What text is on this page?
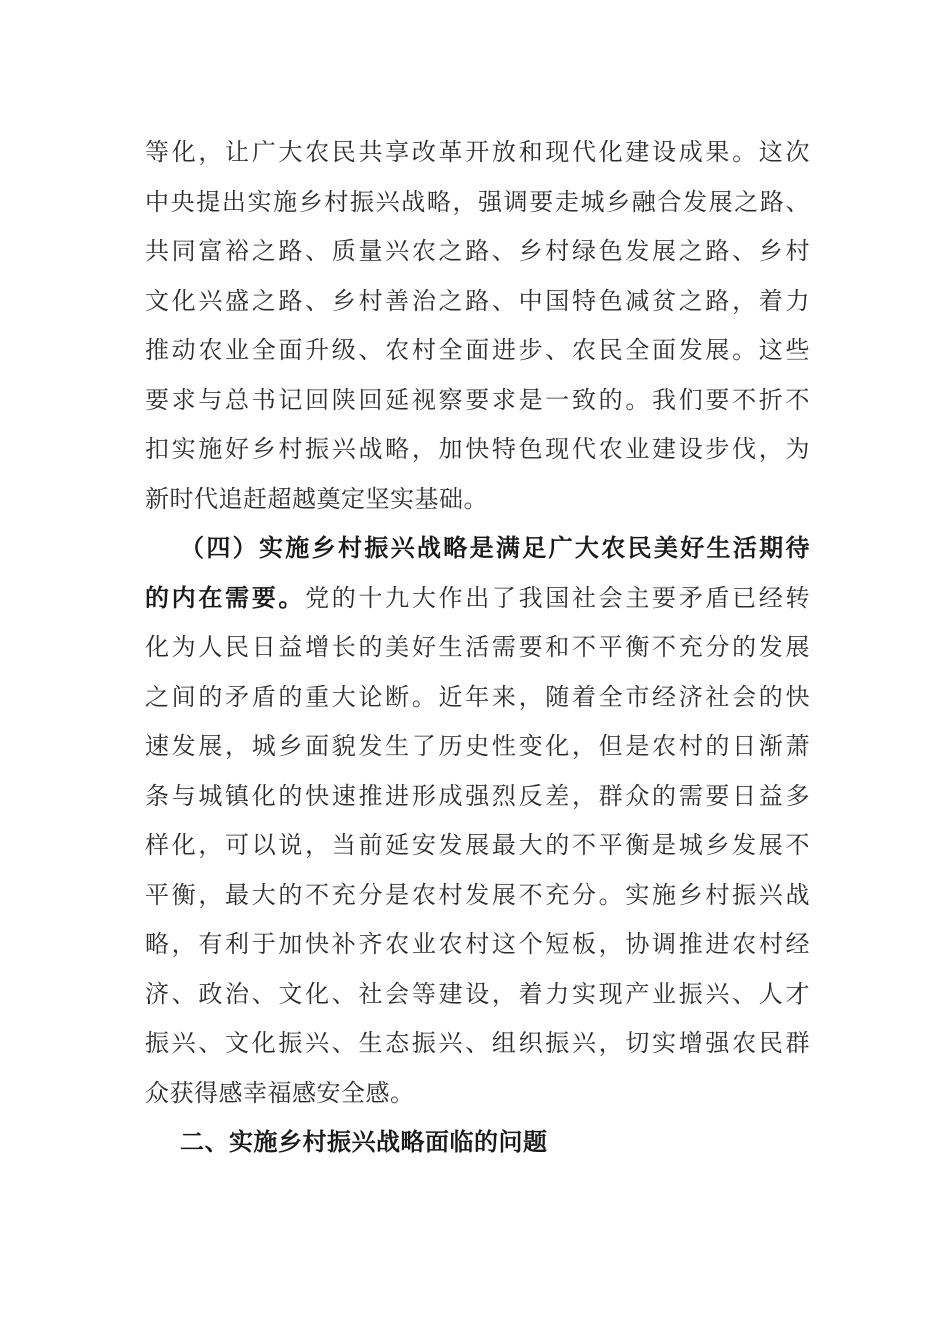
等化，让广大农民共享改革开放和现代化建设成果。这次
中央提出实施乡村振兴战略，强调要走城乡融合发展之路、
共同富裕之路、质量兴农之路、乡村绿色发展之路、乡村
文化兴盛之路、乡村善治之路、中国特色减贫之路，着力
推动农业全面升级、农村全面进步、农民全面发展。这些
要求与总书记回陕回延视察要求是一致的。我们要不折不
扣实施好乡村振兴战略，加快特色现代农业建设步伐，为
新时代追赶超越奠定坚实基础。
（四）实施乡村振兴战略是满足广大农民美好生活期待
的内在需要。党的十九大作出了我国社会主要矛盾已经转
化为人民日益增长的美好生活需要和不平衡不充分的发展
之间的矛盾的重大论断。近年来，随着全市经济社会的快
速发展，城乡面貌发生了历史性变化，但是农村的日渐萧
条与城镇化的快速推进形成强烈反差，群众的需要日益多
样化，可以说，当前延安发展最大的不平衡是城乡发展不
平衡，最大的不充分是农村发展不充分。实施乡村振兴战
略，有利于加快补齐农业农村这个短板，协调推进农村经
济、政治、文化、社会等建设，着力实现产业振兴、人才
振兴、文化振兴、生态振兴、组织振兴，切实增强农民群
众获得感幸福感安全感。
二、实施乡村振兴战略面临的问题
